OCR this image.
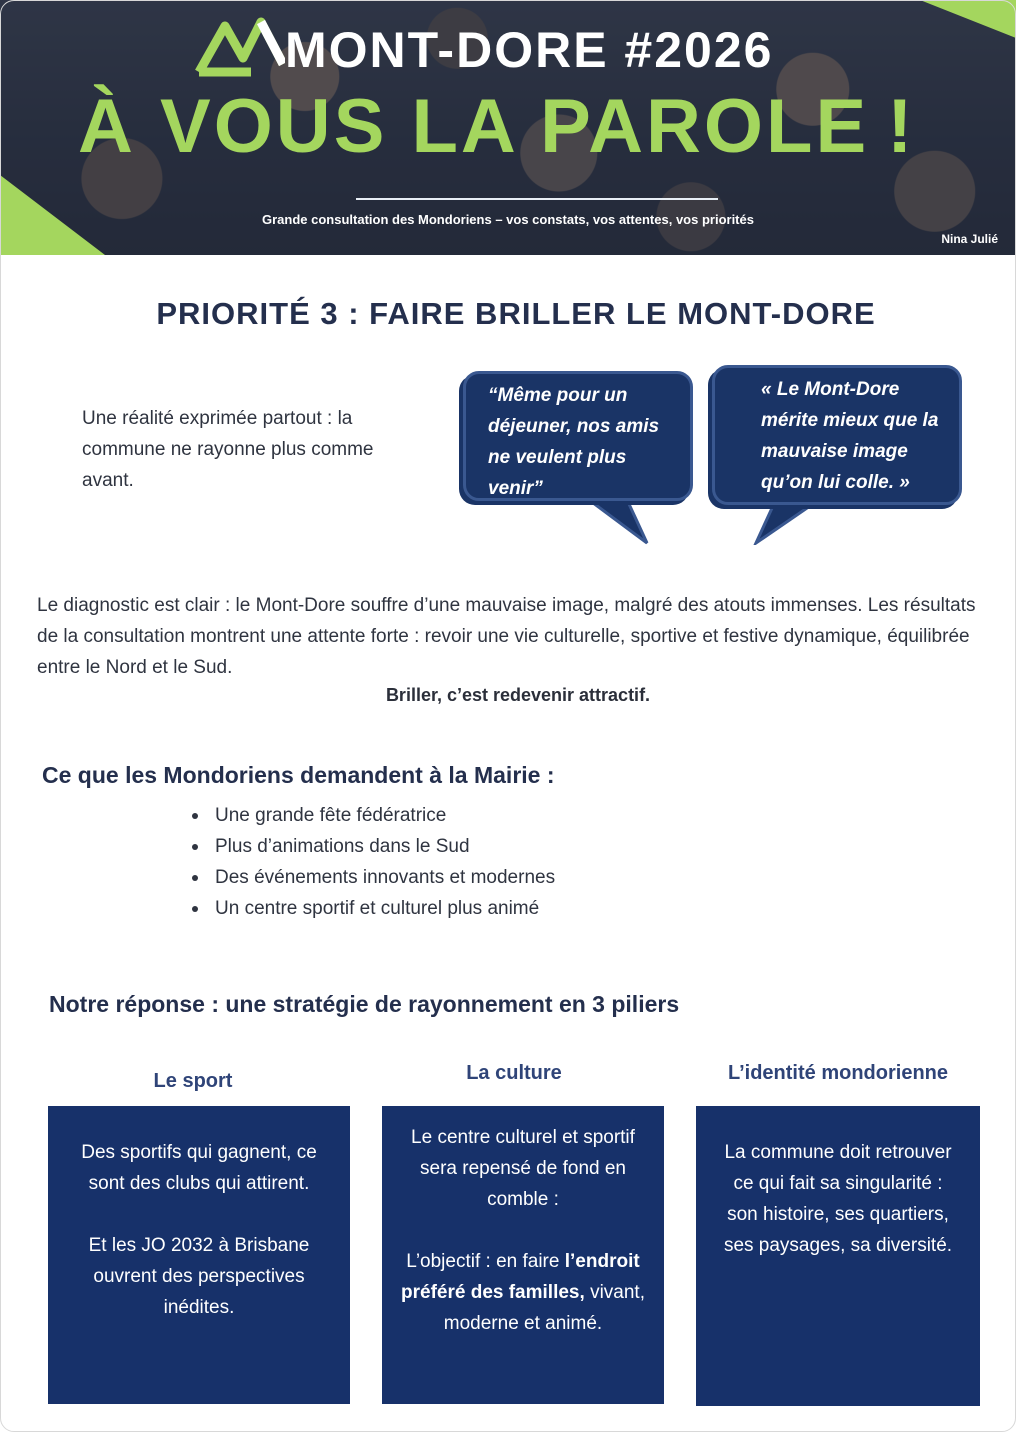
MONT-DORE #2026
À VOUS LA PAROLE !
Grande consultation des Mondoriens – vos constats, vos attentes, vos priorités
Nina Julié
PRIORITÉ 3 : FAIRE BRILLER LE MONT-DORE
Une réalité exprimée partout : la commune ne rayonne plus comme avant.
“Même pour un déjeuner, nos amis ne veulent plus venir”
« Le Mont-Dore mérite mieux que la mauvaise image qu’on lui colle. »
Le diagnostic est clair : le Mont-Dore souffre d’une mauvaise image, malgré des atouts immenses. Les résultats de la consultation montrent une attente forte : revoir une vie culturelle, sportive et festive dynamique, équilibrée entre le Nord et le Sud.
Briller, c’est redevenir attractif.
Ce que les Mondoriens demandent à la Mairie :
Une grande fête fédératrice
Plus d’animations dans le Sud
Des événements innovants et modernes
Un centre sportif et culturel plus animé
Notre réponse : une stratégie de rayonnement en 3 piliers
Le sport	La culture	L’identité mondorienne

Des sportifs qui gagnent, ce sont des clubs qui attirent.

Et les JO 2032 à Brisbane ouvrent des perspectives inédites.

Le centre culturel et sportif sera repensé de fond en comble :

L’objectif : en faire l’endroit préféré des familles, vivant, moderne et animé.

La commune doit retrouver ce qui fait sa singularité :

son histoire, ses quartiers, ses paysages, sa diversité.
